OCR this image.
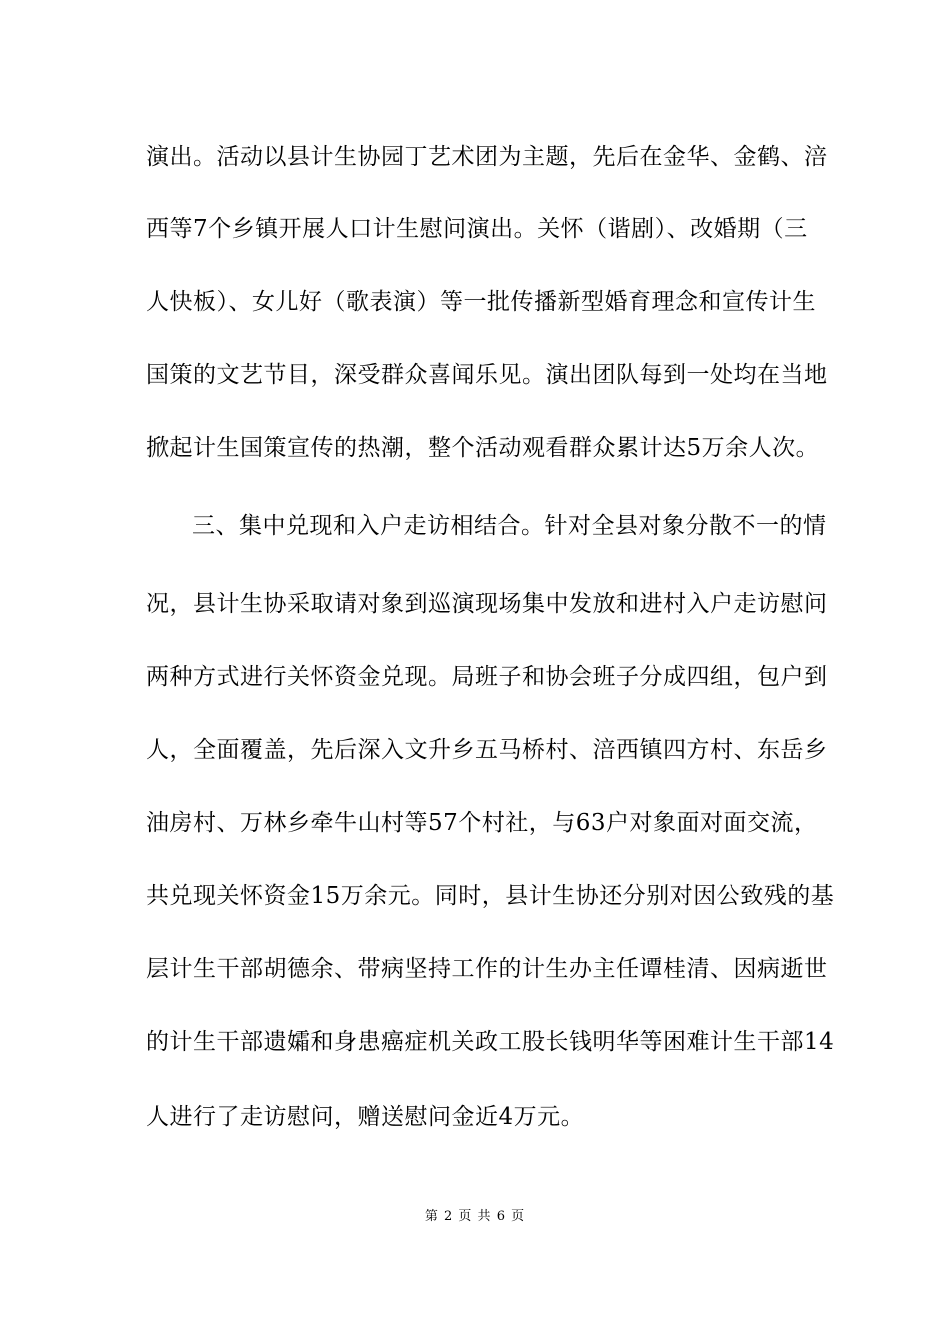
演出。活动以县计生协园丁艺术团为主题，先后在金华、金鹤、涪
西等7个乡镇开展人口计生慰问演出。关怀（谐剧）、改婚期（三
人快板）、女儿好（歌表演）等一批传播新型婚育理念和宣传计生
国策的文艺节目，深受群众喜闻乐见。演出团队每到一处均在当地
掀起计生国策宣传的热潮，整个活动观看群众累计达5万余人次。
三、集中兑现和入户走访相结合。针对全县对象分散不一的情
况，县计生协采取请对象到巡演现场集中发放和进村入户走访慰问
两种方式进行关怀资金兑现。局班子和协会班子分成四组，包户到
人，全面覆盖，先后深入文升乡五马桥村、涪西镇四方村、东岳乡
油房村、万林乡牵牛山村等57个村社，与63户对象面对面交流，
共兑现关怀资金15万余元。同时，县计生协还分别对因公致残的基
层计生干部胡德余、带病坚持工作的计生办主任谭桂清、因病逝世
的计生干部遗孀和身患癌症机关政工股长钱明华等困难计生干部14
人进行了走访慰问，赠送慰问金近4万元。
第 2 页 共 6 页
